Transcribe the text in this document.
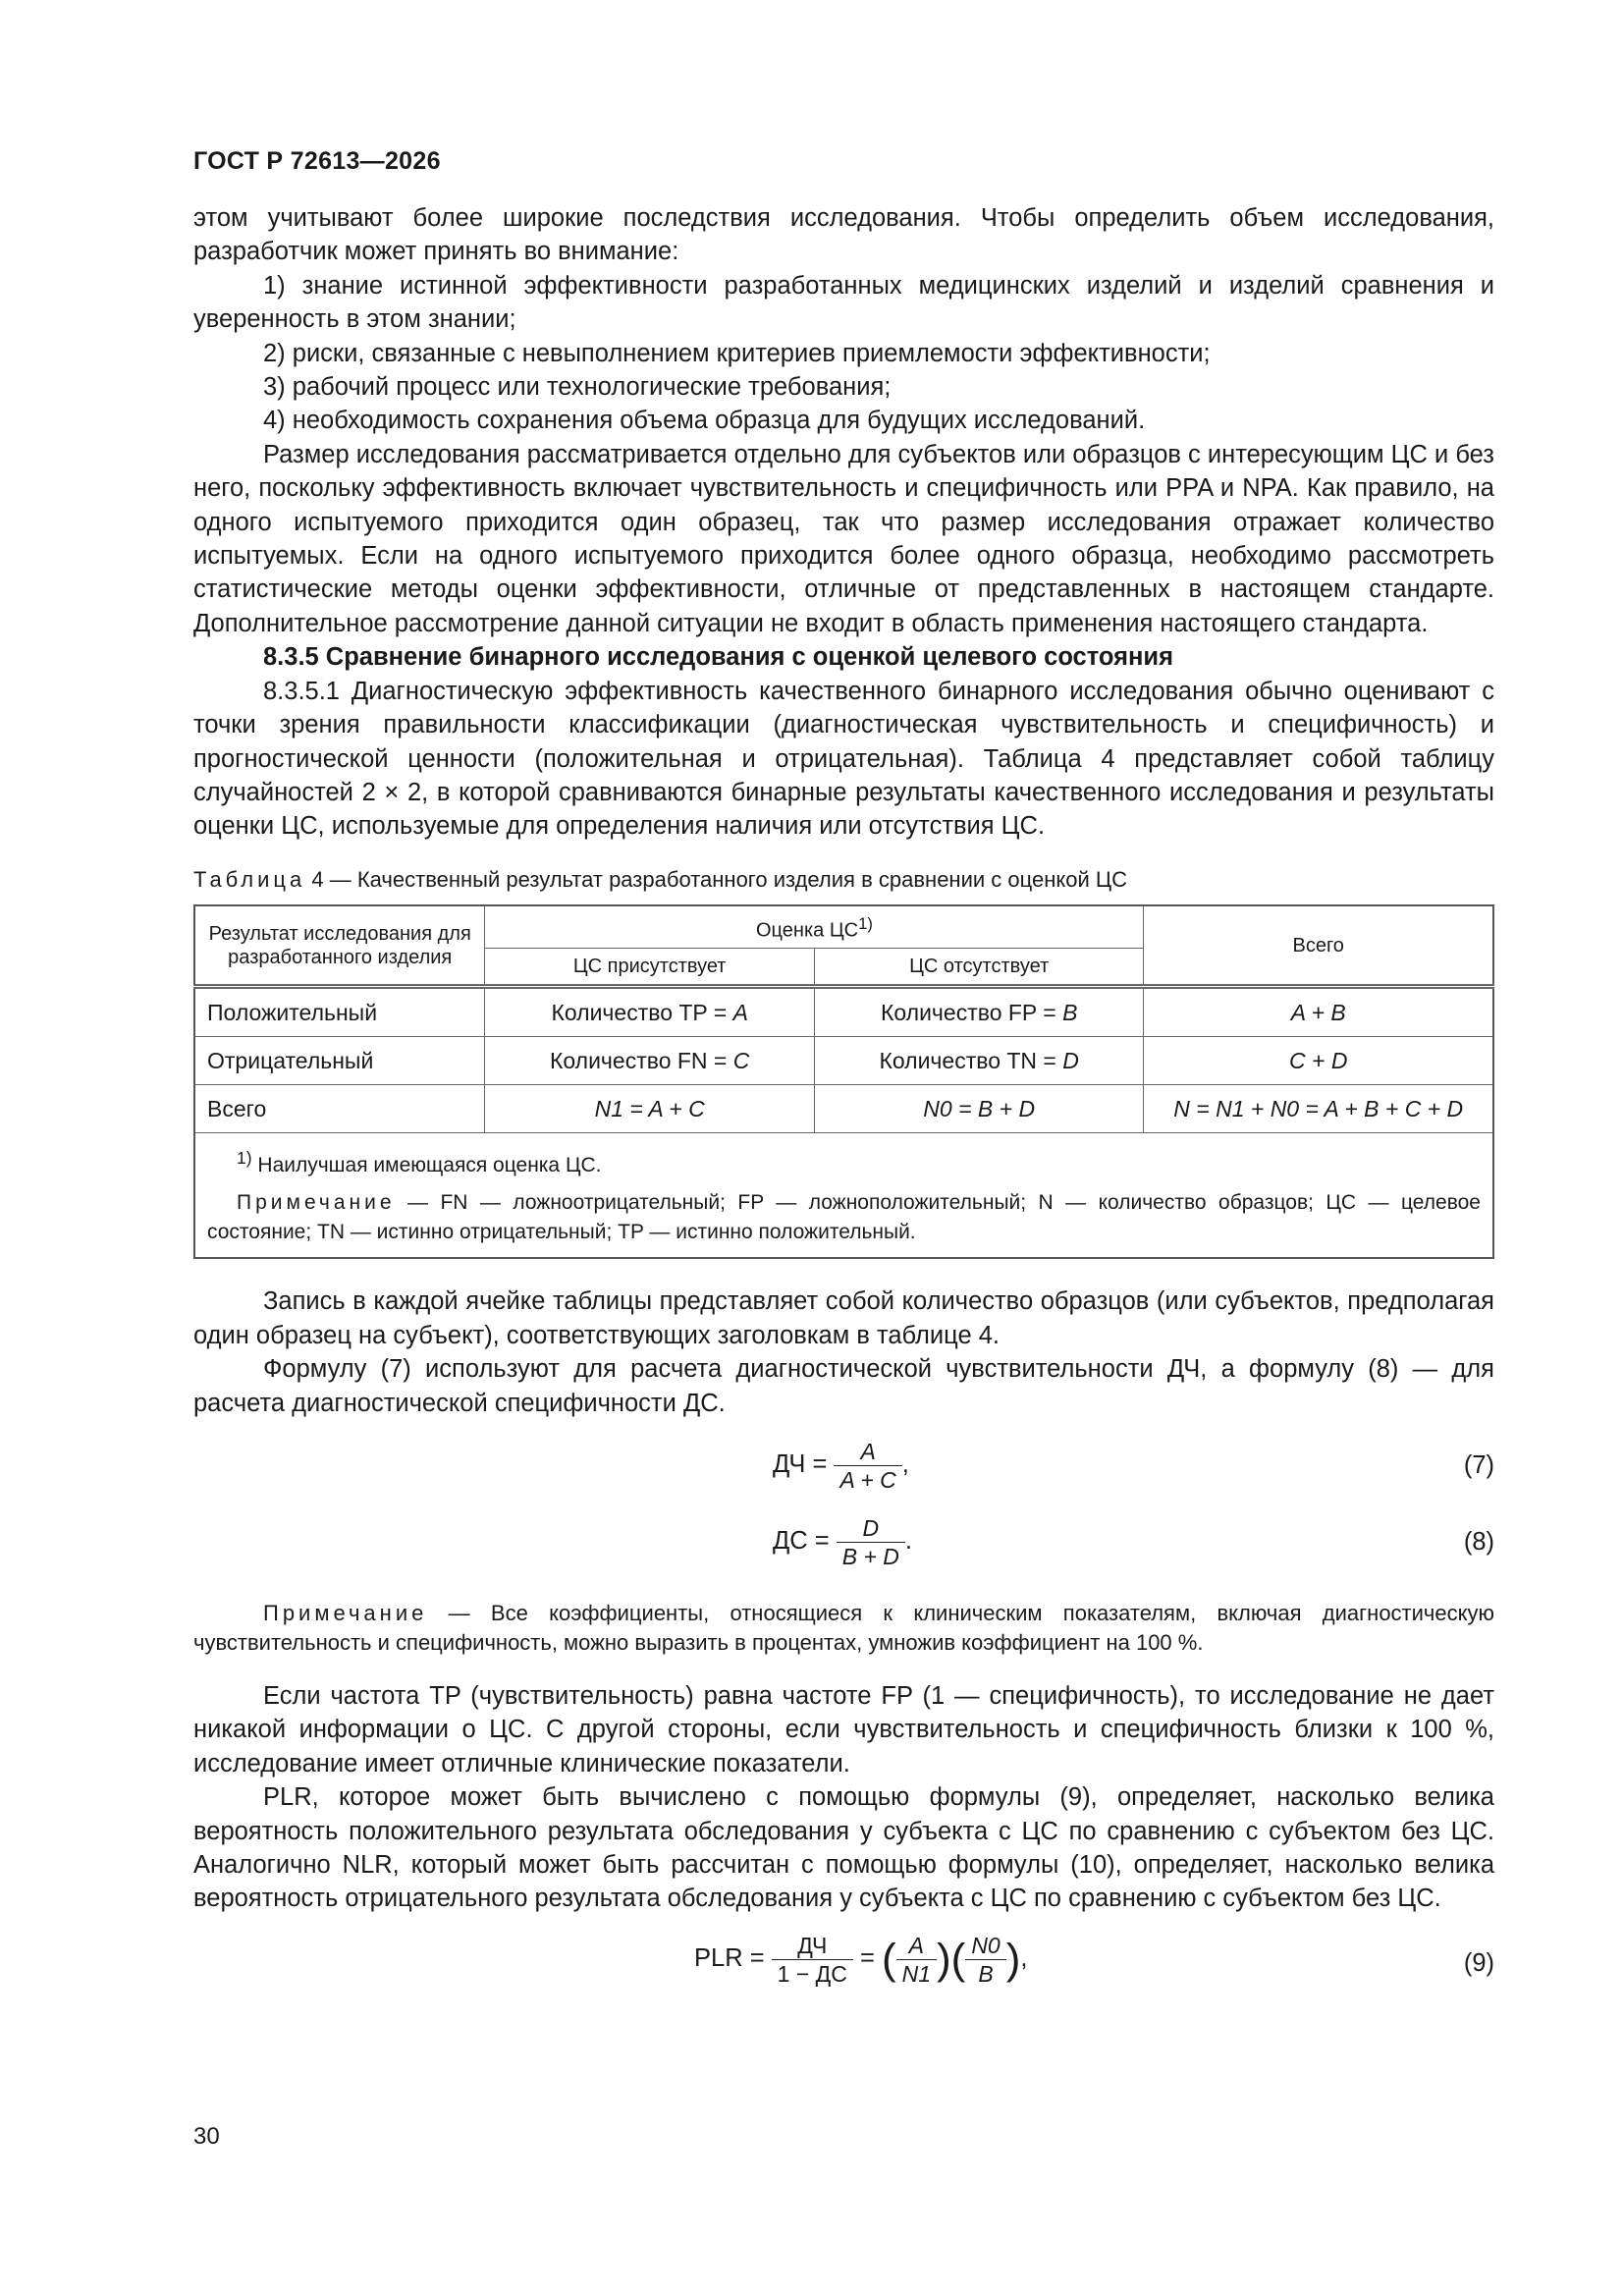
ГОСТ Р 72613—2026

этом учитывают более широкие последствия исследования. Чтобы определить объем исследования, разработчик может принять во внимание:

1) знание истинной эффективности разработанных медицинских изделий и изделий сравнения и уверенность в этом знании;

2) риски, связанные с невыполнением критериев приемлемости эффективности;

3) рабочий процесс или технологические требования;

4) необходимость сохранения объема образца для будущих исследований.

Размер исследования рассматривается отдельно для субъектов или образцов с интересующим ЦС и без него, поскольку эффективность включает чувствительность и специфичность или PPA и NPA. Как правило, на одного испытуемого приходится один образец, так что размер исследования отражает количество испытуемых. Если на одного испытуемого приходится более одного образца, необходимо рассмотреть статистические методы оценки эффективности, отличные от представленных в настоящем стандарте. Дополнительное рассмотрение данной ситуации не входит в область применения настоящего стандарта.

8.3.5 Сравнение бинарного исследования с оценкой целевого состояния

8.3.5.1 Диагностическую эффективность качественного бинарного исследования обычно оценивают с точки зрения правильности классификации (диагностическая чувствительность и специфичность) и прогностической ценности (положительная и отрицательная). Таблица 4 представляет собой таблицу случайностей 2 × 2, в которой сравниваются бинарные результаты качественного исследования и результаты оценки ЦС, используемые для определения наличия или отсутствия ЦС.

Таблица 4 — Качественный результат разработанного изделия в сравнении с оценкой ЦС
Результат исследования для разработанного изделия	Оценка ЦС$^{1)}$		Всего
	ЦС присутствует	ЦС отсутствует	
Положительный	Количество TP = A	Количество FP = B	A + B
Отрицательный	Количество FN = C	Количество TN = D	C + D
Всего	N1 = A + C	N0 = B + D	N = N1 + N0 = A + B + C + D

$^{1)}$ Наилучшая имеющаяся оценка ЦС.
Примечание — FN — ложноотрицательный; FP — ложноположительный; N — количество образцов; ЦС — целевое состояние; TN — истинно отрицательный; TP — истинно положительный.			

Запись в каждой ячейке таблицы представляет собой количество образцов (или субъектов, предполагая один образец на субъект), соответствующих заголовкам в таблице 4.

Формулу (7) используют для расчета диагностической чувствительности ДЧ, а формулу (8) — для расчета диагностической специфичности ДС.

ДЧ = $\frac{A}{A + C}$ ,	(7)
ДС = $\frac{D}{B + D}$ .	(8)
Примечание — Все коэффициенты, относящиеся к клиническим показателям, включая диагностическую чувствительность и специфичность, можно выразить в процентах, умножив коэффициент на 100 %.

Если частота TP (чувствительность) равна частоте FP (1 — специфичность), то исследование не дает никакой информации о ЦС. С другой стороны, если чувствительность и специфичность близки к 100 %, исследование имеет отличные клинические показатели.

PLR, которое может быть вычислено с помощью формулы (9), определяет, насколько велика вероятность положительного результата обследования у субъекта с ЦС по сравнению с субъектом без ЦС. Аналогично NLR, который может быть рассчитан с помощью формулы (10), определяет, насколько велика вероятность отрицательного результата обследования у субъекта с ЦС по сравнению с субъектом без ЦС.

PLR = $\frac{ДЧ}{1 - ДС}$ = ( $\frac{A}{N1}$ )( $\frac{N0}{B}$ ),	(9)
30
